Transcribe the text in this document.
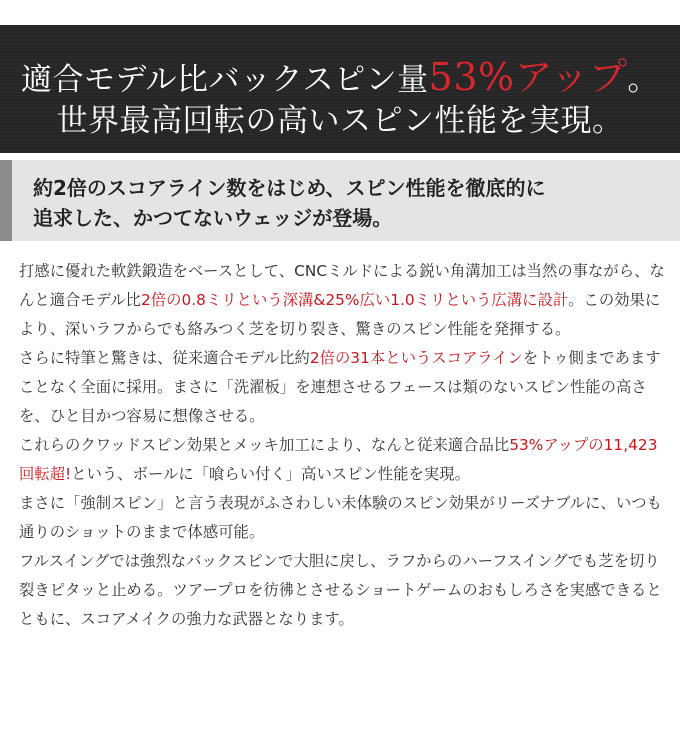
適合モデル比バックスピン量53%アップ。
世界最高回転の高いスピン性能を実現。
約2倍のスコアライン数をはじめ、スピン性能を徹底的に
追求した、かつてないウェッジが登場。

打感に優れた軟鉄鍛造をベースとして、CNCミルドによる鋭い角溝加工は当然の事ながら、なんと適合モデル比2倍の0.8ミリという深溝&25%広い1.0ミリという広溝に設計。この効果により、深いラフからでも絡みつく芝を切り裂き、驚きのスピン性能を発揮する。

さらに特筆と驚きは、従来適合モデル比約2倍の31本というスコアラインをトゥ側まであますことなく全面に採用。まさに「洗濯板」を連想させるフェースは類のないスピン性能の高さを、ひと目かつ容易に想像させる。

これらのクワッドスピン効果とメッキ加工により、なんと従来適合品比53%アップの11,423回転超!という、ボールに「喰らい付く」高いスピン性能を実現。

まさに「強制スピン」と言う表現がふさわしい未体験のスピン効果がリーズナブルに、いつも通りのショットのままで体感可能。

フルスイングでは強烈なバックスピンで大胆に戻し、ラフからのハーフスイングでも芝を切り裂きピタッと止める。ツアープロを彷彿とさせるショートゲームのおもしろさを実感できるとともに、スコアメイクの強力な武器となります。
